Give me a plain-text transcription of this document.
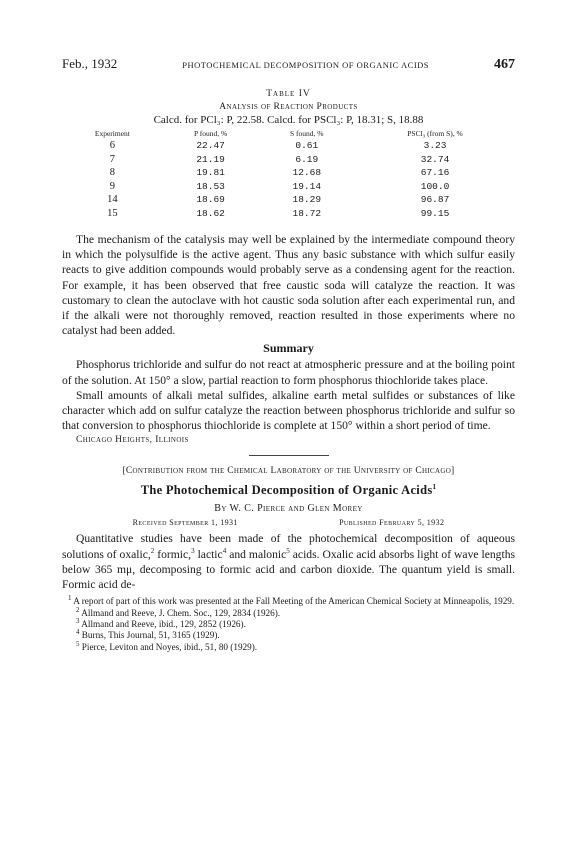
Feb., 1932	PHOTOCHEMICAL DECOMPOSITION OF ORGANIC ACIDS	467
Table IV
Analysis of Reaction Products
Calcd. for PCl₃: P, 22.58. Calcd. for PSCl₃: P, 18.31; S, 18.88
Experiment	P found, %	S found, %	PSCl₃ (from S), %
6	22.47	0.61	3.23
7	21.19	6.19	32.74
8	19.81	12.68	67.16
9	18.53	19.14	100.0
14	18.69	18.29	96.87
15	18.62	18.72	99.15

The mechanism of the catalysis may well be explained by the intermediate compound theory in which the polysulfide is the active agent. Thus any basic substance with which sulfur easily reacts to give addition compounds would probably serve as a condensing agent for the reaction. For example, it has been observed that free caustic soda will catalyze the reaction. It was customary to clean the autoclave with hot caustic soda solution after each experimental run, and if the alkali were not thoroughly removed, reaction resulted in those experiments where no catalyst had been added.

Summary

Phosphorus trichloride and sulfur do not react at atmospheric pressure and at the boiling point of the solution. At 150° a slow, partial reaction to form phosphorus thiochloride takes place.

Small amounts of alkali metal sulfides, alkaline earth metal sulfides or substances of like character which add on sulfur catalyze the reaction between phosphorus trichloride and sulfur so that conversion to phosphorus thiochloride is complete at 150° within a short period of time.

Chicago Heights, Illinois
[Contribution from the Chemical Laboratory of the University of Chicago]
The Photochemical Decomposition of Organic Acids$^1$
By W. C. Pierce and Glen Morey
Received September 1, 1931	Published February 5, 1932

Quantitative studies have been made of the photochemical decomposition of aqueous solutions of oxalic,$^2$ formic,$^3$ lactic$^4$ and malonic$^5$ acids. Oxalic acid absorbs light of wave lengths below 365 mμ, decomposing to formic acid and carbon dioxide. The quantum yield is small. Formic acid de-

$^1$ A report of part of this work was presented at the Fall Meeting of the American Chemical Society at Minneapolis, 1929.
$^2$ Allmand and Reeve, J. Chem. Soc., 129, 2834 (1926).
$^3$ Allmand and Reeve, ibid., 129, 2852 (1926).
$^4$ Burns, This Journal, 51, 3165 (1929).
$^5$ Pierce, Leviton and Noyes, ibid., 51, 80 (1929).
